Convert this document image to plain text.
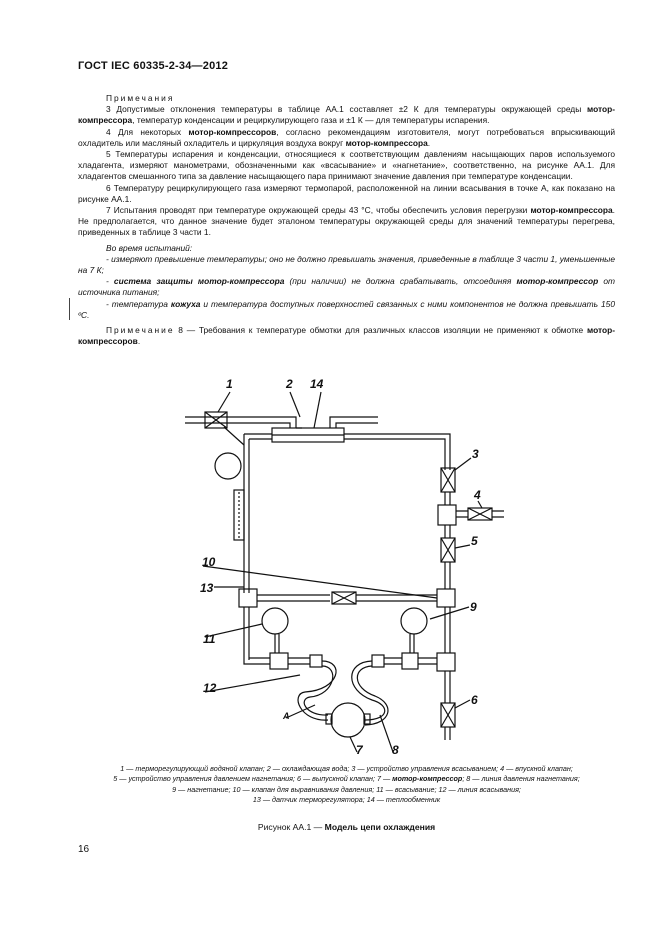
ГОСТ IEC 60335-2-34—2012

Примечания

3 Допустимые отклонения температуры в таблице АА.1 составляет ±2 К для температуры окружающей среды мотор-компрессора, температур конденсации и рециркулирующего газа и ±1 К — для температуры испарения.

4 Для некоторых мотор-компрессоров, согласно рекомендациям изготовителя, могут потребоваться впрыскивающий охладитель или масляный охладитель и циркуляция воздуха вокруг мотор-компрессора.

5 Температуры испарения и конденсации, относящиеся к соответствующим давлениям насыщающих паров используемого хладагента, измеряют манометрами, обозначенными как «всасывание» и «нагнетание», соответственно, на рисунке АА.1. Для хладагентов смешанного типа за давление насыщающего пара принимают значение давления при температуре конденсации.

6 Температуру рециркулирующего газа измеряют термопарой, расположенной на линии всасывания в точке А, как показано на рисунке АА.1.

7 Испытания проводят при температуре окружающей среды 43 °С, чтобы обеспечить условия перегрузки мотор-компрессора. Не предполагается, что данное значение будет эталоном температуры окружающей среды для значений температуры перегрева, приведенных в таблице 3 части 1.

Во время испытаний:

- измеряют превышение температуры; оно не должно превышать значения, приведенные в таблице 3 части 1, уменьшенные на 7 К;

- система защиты мотор-компрессора (при наличии) не должна срабатывать, отсоединяя мотор-компрессор от источника питания;

- температура кожуха и температура доступных поверхностей связанных с ними компонентов не должна превышать 150 ºС.

Примечание 8 — Требования к температуре обмотки для различных классов изоляции не применяют к обмотке мотор-компрессоров.

1	2 14
3
4
5
6
9
10
11
12
13
7 8
А
1 — терморегулирующий водяной клапан; 2 — охлаждающая вода; 3 — устройство управления всасыванием; 4 — впускной клапан;
5 — устройство управления давлением нагнетания; 6 — выпускной клапан; 7 — мотор-компрессор; 8 — линия давления нагнетания;
9 — нагнетание; 10 — клапан для выравнивания давления; 11 — всасывание; 12 — линия всасывания;
13 — датчик терморегулятора; 14 — теплообменник
Рисунок АА.1 — Модель цепи охлаждения
16
